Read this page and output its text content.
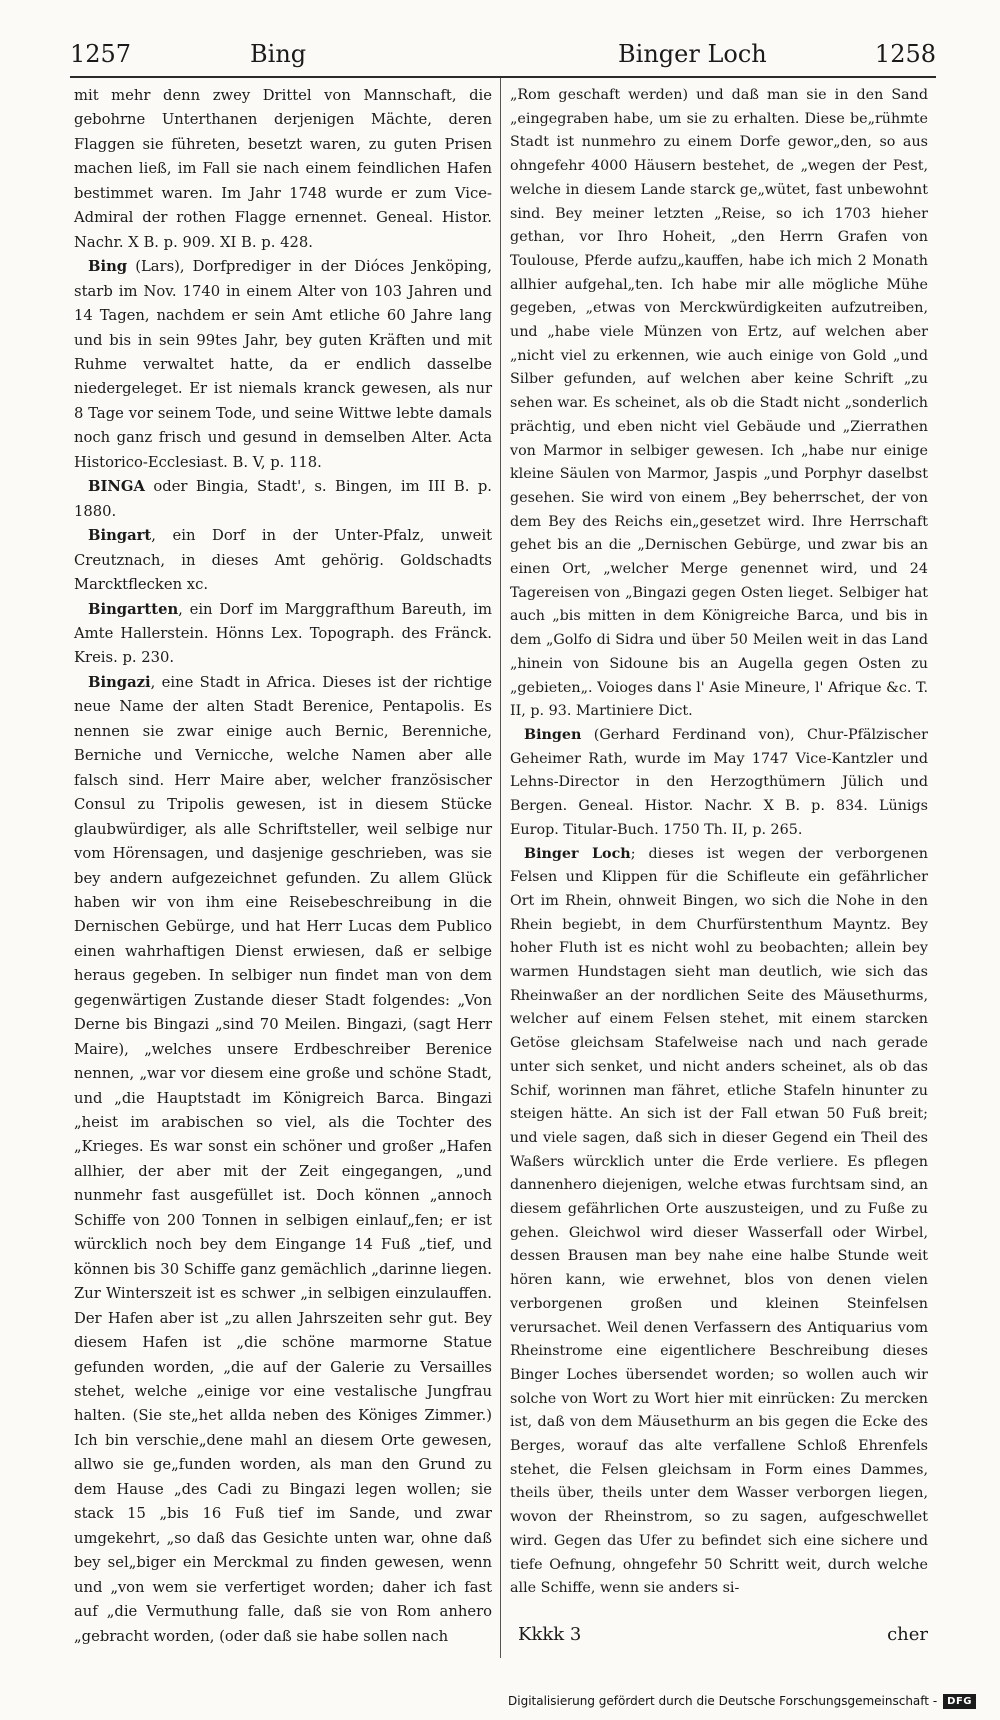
1257	Bing	Binger Loch	1258

mit mehr denn zwey Drittel von Mannschaft, die gebohrne Unterthanen derjenigen Mächte, deren Flaggen sie führeten, besetzt waren, zu guten Prisen machen ließ, im Fall sie nach einem feindlichen Hafen bestimmet waren. Im Jahr 1748 wurde er zum Vice-Admiral der rothen Flagge ernennet. Geneal. Histor. Nachr. X B. p. 909. XI B. p. 428.

Bing (Lars), Dorfprediger in der Dióces Jenköping, starb im Nov. 1740 in einem Alter von 103 Jahren und 14 Tagen, nachdem er sein Amt etliche 60 Jahre lang und bis in sein 99tes Jahr, bey guten Kräften und mit Ruhme verwaltet hatte, da er endlich dasselbe niedergeleget. Er ist niemals kranck gewesen, als nur 8 Tage vor seinem Tode, und seine Wittwe lebte damals noch ganz frisch und gesund in demselben Alter. Acta Historico-Ecclesiast. B. V, p. 118.

BINGA oder Bingia, Stadt', s. Bingen, im III B. p. 1880.

Bingart, ein Dorf in der Unter-Pfalz, unweit Creutznach, in dieses Amt gehörig. Goldschadts Marcktflecken xc.

Bingartten, ein Dorf im Marggrafthum Bareuth, im Amte Hallerstein. Hönns Lex. Topograph. des Fränck. Kreis. p. 230.

Bingazi, eine Stadt in Africa. Dieses ist der richtige neue Name der alten Stadt Berenice, Pentapolis. Es nennen sie zwar einige auch Bernic, Berenniche, Berniche und Vernicche, welche Namen aber alle falsch sind. Herr Maire aber, welcher französischer Consul zu Tripolis gewesen, ist in diesem Stücke glaubwürdiger, als alle Schriftsteller, weil selbige nur vom Hörensagen, und dasjenige geschrieben, was sie bey andern aufgezeichnet gefunden. Zu allem Glück haben wir von ihm eine Reisebeschreibung in die Dernischen Gebürge, und hat Herr Lucas dem Publico einen wahrhaftigen Dienst erwiesen, daß er selbige heraus gegeben. In selbiger nun findet man von dem gegenwärtigen Zustande dieser Stadt folgendes: „Von Derne bis Bingazi „sind 70 Meilen. Bingazi, (sagt Herr Maire), „welches unsere Erdbeschreiber Berenice nennen, „war vor diesem eine große und schöne Stadt, und „die Hauptstadt im Königreich Barca. Bingazi „heist im arabischen so viel, als die Tochter des „Krieges. Es war sonst ein schöner und großer „Hafen allhier, der aber mit der Zeit eingegangen, „und nunmehr fast ausgefüllet ist. Doch können „annoch Schiffe von 200 Tonnen in selbigen einlauf„fen; er ist würcklich noch bey dem Eingange 14 Fuß „tief, und können bis 30 Schiffe ganz gemächlich „darinne liegen. Zur Winterszeit ist es schwer „in selbigen einzulauffen. Der Hafen aber ist „zu allen Jahrszeiten sehr gut. Bey diesem Hafen ist „die schöne marmorne Statue gefunden worden, „die auf der Galerie zu Versailles stehet, welche „einige vor eine vestalische Jungfrau halten. (Sie ste„het allda neben des Königes Zimmer.) Ich bin verschie„dene mahl an diesem Orte gewesen, allwo sie ge„funden worden, als man den Grund zu dem Hause „des Cadi zu Bingazi legen wollen; sie stack 15 „bis 16 Fuß tief im Sande, und zwar umgekehrt, „so daß das Gesichte unten war, ohne daß bey sel„biger ein Merckmal zu finden gewesen, wenn und „von wem sie verfertiget worden; daher ich fast auf „die Vermuthung falle, daß sie von Rom anhero „gebracht worden, (oder daß sie habe sollen nach

„Rom geschaft werden) und daß man sie in den Sand „eingegraben habe, um sie zu erhalten. Diese be„rühmte Stadt ist nunmehro zu einem Dorfe gewor„den, so aus ohngefehr 4000 Häusern bestehet, de „wegen der Pest, welche in diesem Lande starck ge„wütet, fast unbewohnt sind. Bey meiner letzten „Reise, so ich 1703 hieher gethan, vor Ihro Hoheit, „den Herrn Grafen von Toulouse, Pferde aufzu„kauffen, habe ich mich 2 Monath allhier aufgehal„ten. Ich habe mir alle mögliche Mühe gegeben, „etwas von Merckwürdigkeiten aufzutreiben, und „habe viele Münzen von Ertz, auf welchen aber „nicht viel zu erkennen, wie auch einige von Gold „und Silber gefunden, auf welchen aber keine Schrift „zu sehen war. Es scheinet, als ob die Stadt nicht „sonderlich prächtig, und eben nicht viel Gebäude und „Zierrathen von Marmor in selbiger gewesen. Ich „habe nur einige kleine Säulen von Marmor, Jaspis „und Porphyr daselbst gesehen. Sie wird von einem „Bey beherrschet, der von dem Bey des Reichs ein„gesetzet wird. Ihre Herrschaft gehet bis an die „Dernischen Gebürge, und zwar bis an einen Ort, „welcher Merge genennet wird, und 24 Tagereisen von „Bingazi gegen Osten lieget. Selbiger hat auch „bis mitten in dem Königreiche Barca, und bis in dem „Golfo di Sidra und über 50 Meilen weit in das Land „hinein von Sidoune bis an Augella gegen Osten zu „gebieten„. Voioges dans l' Asie Mineure, l' Afrique &c. T. II, p. 93. Martiniere Dict.

Bingen (Gerhard Ferdinand von), Chur-Pfälzischer Geheimer Rath, wurde im May 1747 Vice-Kantzler und Lehns-Director in den Herzogthümern Jülich und Bergen. Geneal. Histor. Nachr. X B. p. 834. Lünigs Europ. Titular-Buch. 1750 Th. II, p. 265.

Binger Loch; dieses ist wegen der verborgenen Felsen und Klippen für die Schifleute ein gefährlicher Ort im Rhein, ohnweit Bingen, wo sich die Nohe in den Rhein begiebt, in dem Churfürstenthum Mayntz. Bey hoher Fluth ist es nicht wohl zu beobachten; allein bey warmen Hundstagen sieht man deutlich, wie sich das Rheinwaßer an der nordlichen Seite des Mäusethurms, welcher auf einem Felsen stehet, mit einem starcken Getöse gleichsam Stafelweise nach und nach gerade unter sich senket, und nicht anders scheinet, als ob das Schif, worinnen man fähret, etliche Stafeln hinunter zu steigen hätte. An sich ist der Fall etwan 50 Fuß breit; und viele sagen, daß sich in dieser Gegend ein Theil des Waßers würcklich unter die Erde verliere. Es pflegen dannenhero diejenigen, welche etwas furchtsam sind, an diesem gefährlichen Orte auszusteigen, und zu Fuße zu gehen. Gleichwol wird dieser Wasserfall oder Wirbel, dessen Brausen man bey nahe eine halbe Stunde weit hören kann, wie erwehnet, blos von denen vielen verborgenen großen und kleinen Steinfelsen verursachet. Weil denen Verfassern des Antiquarius vom Rheinstrome eine eigentlichere Beschreibung dieses Binger Loches übersendet worden; so wollen auch wir solche von Wort zu Wort hier mit einrücken: Zu mercken ist, daß von dem Mäusethurm an bis gegen die Ecke des Berges, worauf das alte verfallene Schloß Ehrenfels stehet, die Felsen gleichsam in Form eines Dammes, theils über, theils unter dem Wasser verborgen liegen, wovon der Rheinstrom, so zu sagen, aufgeschwellet wird. Gegen das Ufer zu befindet sich eine sichere und tiefe Oefnung, ohngefehr 50 Schritt weit, durch welche alle Schiffe, wenn sie anders si-

Kkkk 3	cher
Digitalisierung gefördert durch die Deutsche Forschungsgemeinschaft -	DFG
